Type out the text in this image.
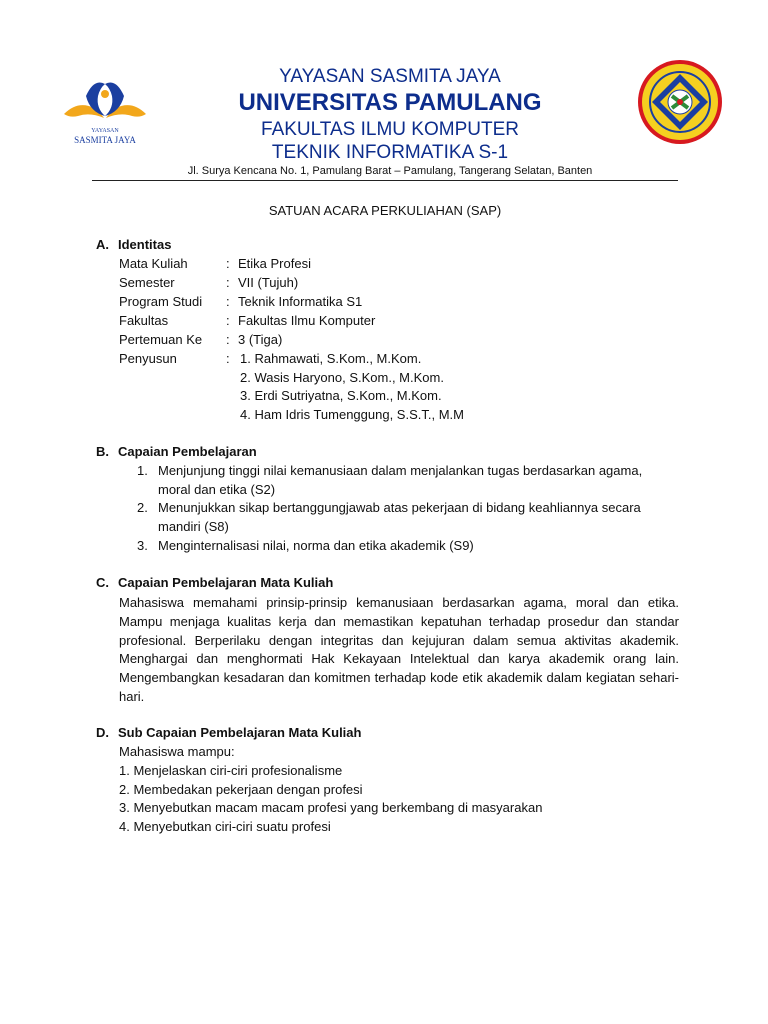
YAYASAN
SASMITA JAYA
YAYASAN SASMITA JAYA
UNIVERSITAS PAMULANG
FAKULTAS ILMU KOMPUTER
TEKNIK INFORMATIKA S-1
Jl. Surya Kencana No. 1, Pamulang Barat – Pamulang, Tangerang Selatan, Banten
SATUAN ACARA PERKULIAHAN (SAP)
A. Identitas
Mata Kuliah	: Etika Profesi
Semester	: VII (Tujuh)
Program Studi : Teknik Informatika S1
Fakultas	: Fakultas Ilmu Komputer
Pertemuan Ke : 3 (Tiga)
Penyusun	: 1. Rahmawati, S.Kom., M.Kom.
2. Wasis Haryono, S.Kom., M.Kom.
3. Erdi Sutriyatna, S.Kom., M.Kom.
4. Ham Idris Tumenggung, S.S.T., M.M
B. Capaian Pembelajaran
1. Menjunjung tinggi nilai kemanusiaan dalam menjalankan tugas berdasarkan agama,
moral dan etika (S2)
2. Menunjukkan sikap bertanggungjawab atas pekerjaan di bidang keahliannya secara
mandiri (S8)
3. Menginternalisasi nilai, norma dan etika akademik (S9)
C. Capaian Pembelajaran Mata Kuliah
Mahasiswa memahami prinsip-prinsip kemanusiaan berdasarkan agama, moral dan etika. Mampu menjaga kualitas kerja dan memastikan kepatuhan terhadap prosedur dan standar profesional. Berperilaku dengan integritas dan kejujuran dalam semua aktivitas akademik. Menghargai dan menghormati Hak Kekayaan Intelektual dan karya akademik orang lain. Mengembangkan kesadaran dan komitmen terhadap kode etik akademik dalam kegiatan sehari-hari.
D. Sub Capaian Pembelajaran Mata Kuliah
Mahasiswa mampu:
1. Menjelaskan ciri-ciri profesionalisme
2. Membedakan pekerjaan dengan profesi
3. Menyebutkan macam macam profesi yang berkembang di masyarakan
4. Menyebutkan ciri-ciri suatu profesi
